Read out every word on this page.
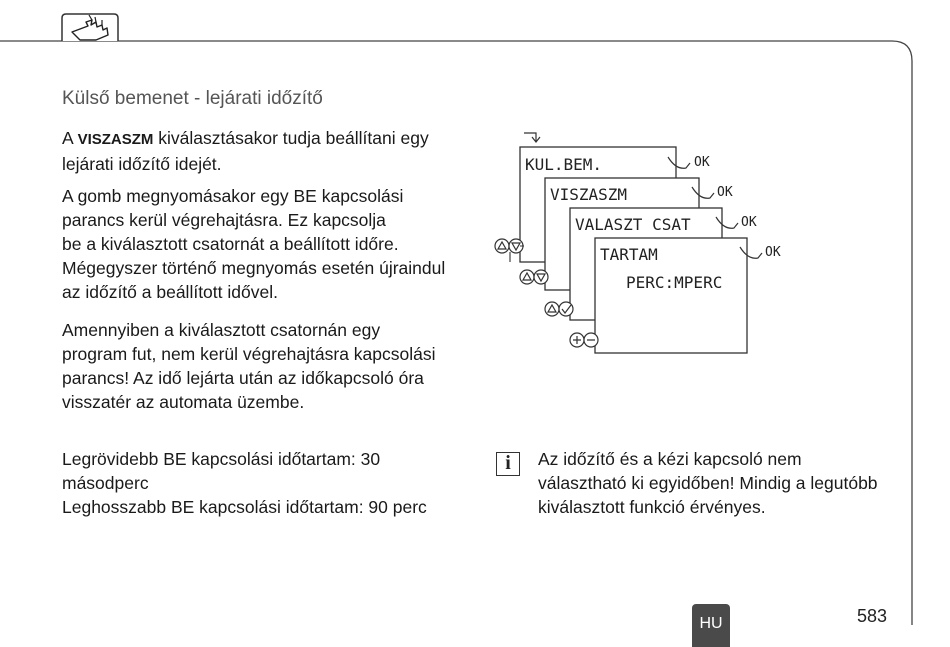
Külső bemenet - lejárati időzítő
A VISZASZM kiválasztásakor tudja beállítani egy
lejárati időzítő idejét.
A gomb megnyomásakor egy BE kapcsolási
parancs kerül végrehajtásra. Ez kapcsolja
be a kiválasztott csatornát a beállított időre.
Mégegyszer történő megnyomás esetén újraindul
az időzítő a beállított idővel.
Amennyiben a kiválasztott csatornán egy
program fut, nem kerül végrehajtásra kapcsolási
parancs! Az idő lejárta után az időkapcsoló óra
visszatér az automata üzembe.
Legrövidebb BE kapcsolási időtartam: 30
másodperc
Leghosszabb BE kapcsolási időtartam: 90 perc
KUL.BEM.
VISZASZM
VALASZT CSAT
TARTAM
PERC:MPERC
OK
OK
OK
OK
i	Az időzítő és a kézi kapcsoló nem
választható ki egyidőben! Mindig a legutóbb
kiválasztott funkció érvényes.
HU	583
